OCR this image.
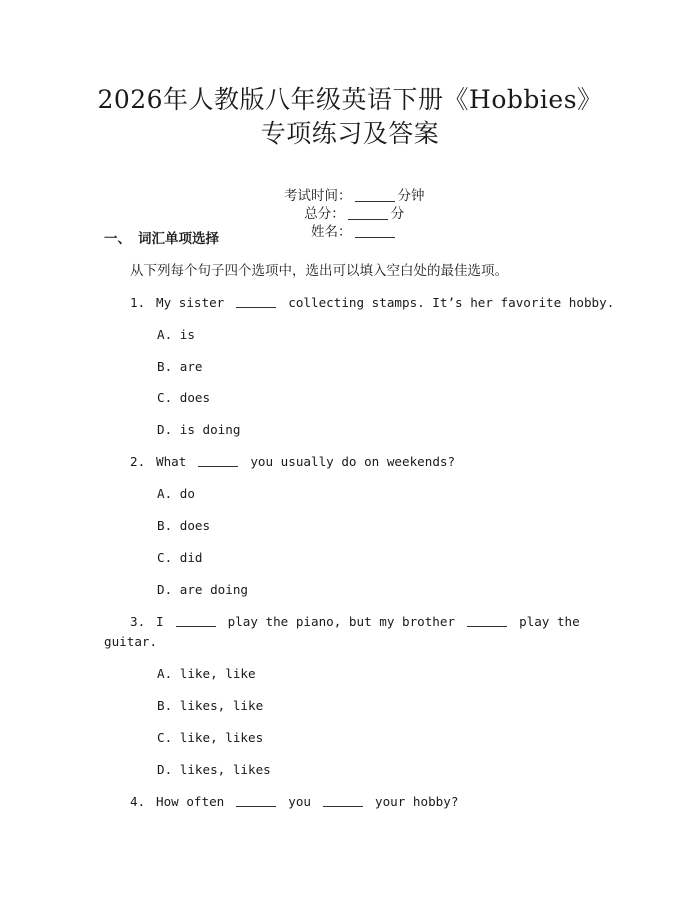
2026年人教版八年级英语下册《Hobbies》
专项练习及答案

考试时间：	分钟
总分：	分
姓名：

一、 词汇单项选择
从下列每个句子四个选项中，选出可以填入空白处的最佳选项。
1. My sister	collecting stamps. It’s her favorite hobby.
A. is
B. are
C. does
D. is doing
2. What	you usually do on weekends?
A. do
B. does
C. did
D. are doing
3. I	play the piano, but my brother	play the
guitar.
A. like, like
B. likes, like
C. like, likes
D. likes, likes
4. How often	you	your hobby?
